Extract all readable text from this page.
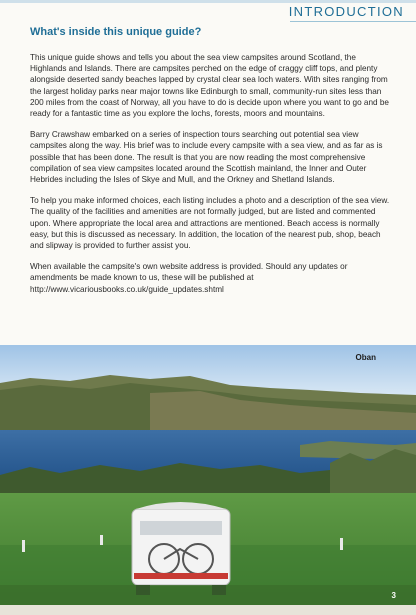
INTRODUCTION
What's inside this unique guide?

This unique guide shows and tells you about the sea view campsites around Scotland, the Highlands and Islands. There are campsites perched on the edge of craggy cliff tops, and plenty alongside deserted sandy beaches lapped by crystal clear sea loch waters. With sites ranging from the largest holiday parks near major towns like Edinburgh to small, community-run sites less than 200 miles from the coast of Norway, all you have to do is decide upon where you want to go and be ready for a fantastic time as you explore the lochs, forests, moors and mountains.

Barry Crawshaw embarked on a series of inspection tours searching out potential sea view campsites along the way. His brief was to include every campsite with a sea view, and as far as is possible that has been done. The result is that you are now reading the most comprehensive compilation of sea view campsites located around the Scottish mainland, the Inner and Outer Hebrides including the Isles of Skye and Mull, and the Orkney and Shetland Islands.

To help you make informed choices, each listing includes a photo and a description of the sea view. The quality of the facilities and amenities are not formally judged, but are listed and commented upon. Where appropriate the local area and attractions are mentioned. Beach access is normally easy, but this is discussed as necessary. In addition, the location of the nearest pub, shop, beach and slipway is provided to further assist you.

When available the campsite's own website address is provided. Should any updates or amendments be made known to us, these will be published at http://www.vicariousbooks.co.uk/guide_updates.shtml

Oban
3
